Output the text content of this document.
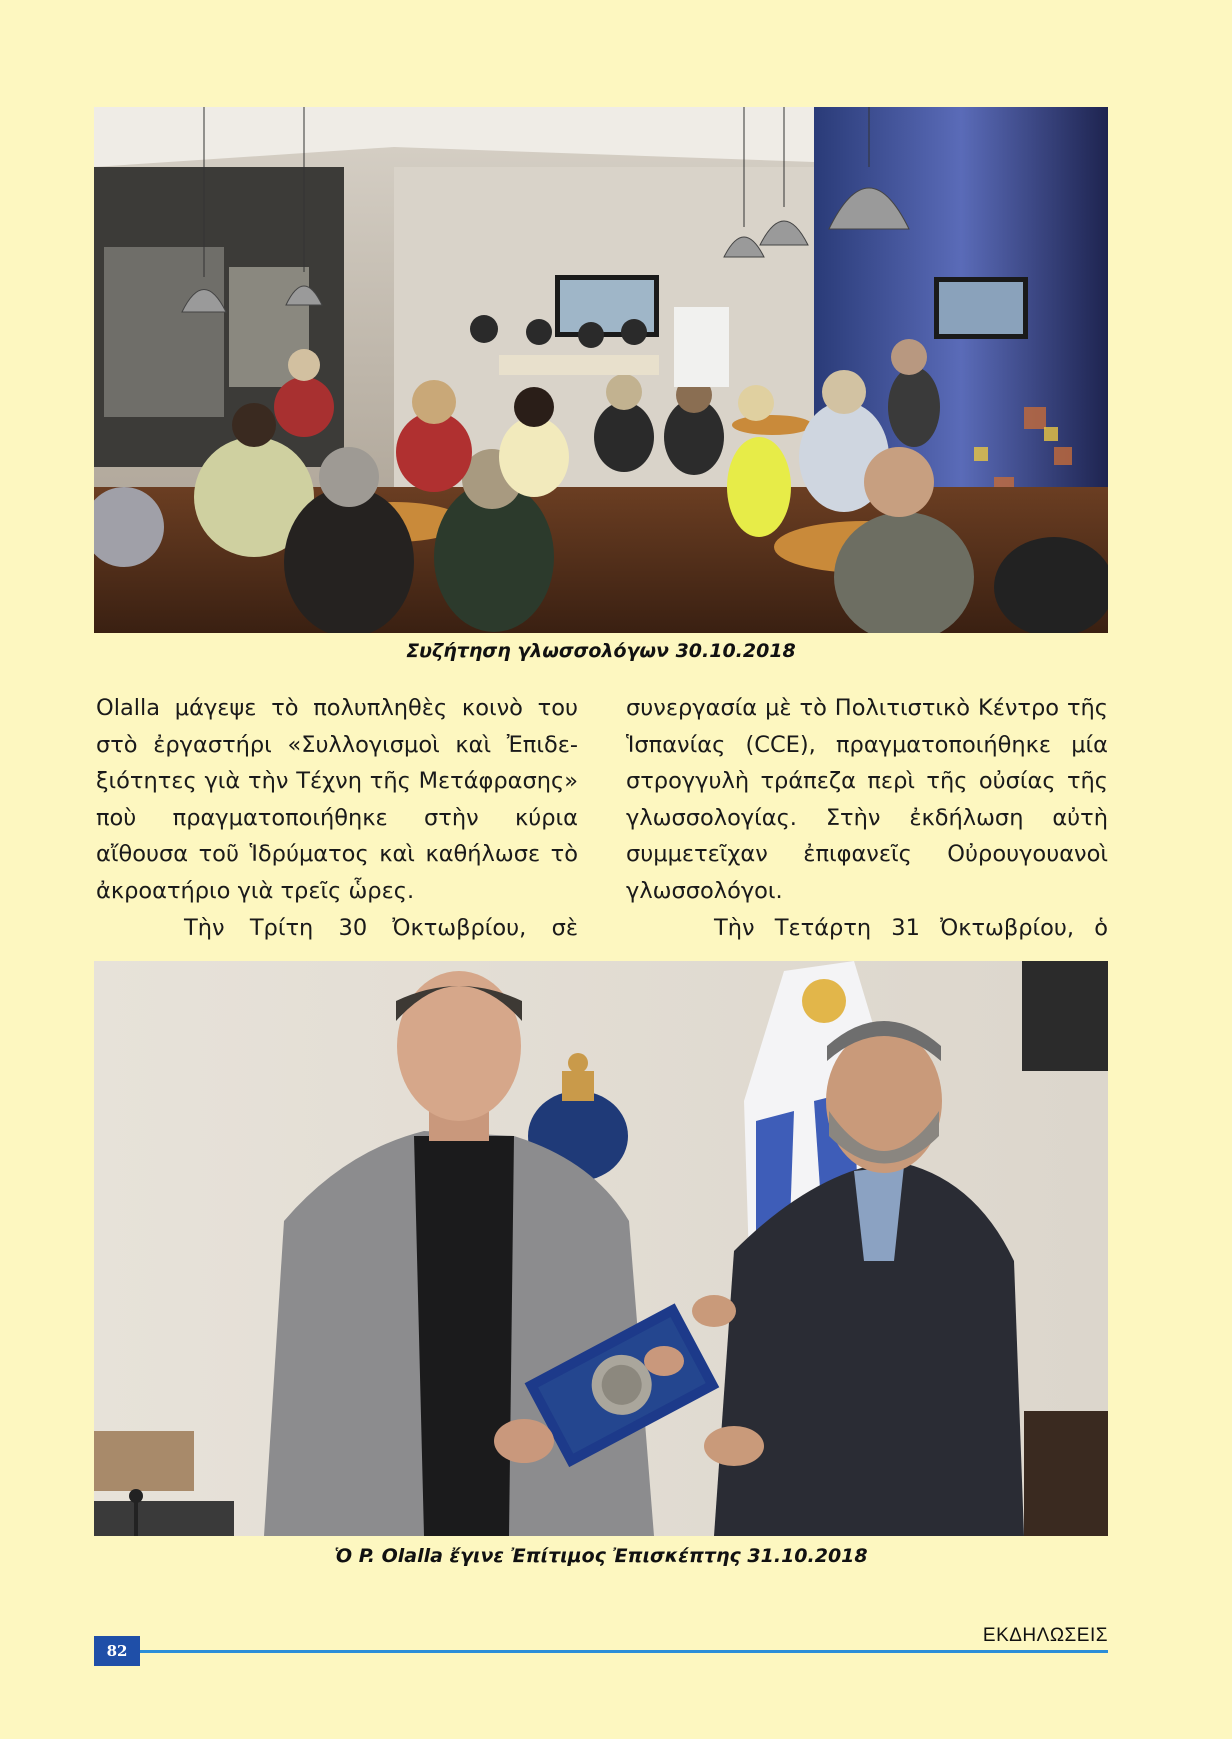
Συζήτηση γλωσσολόγων 30.10.2018
Olalla μάγεψε τὸ πολυπληθὲς κοινὸ του
στὸ ἐργαστήρι «Συλλογισμοὶ καὶ Ἐπιδε-
ξιότητες γιὰ τὴν Τέχνη τῆς Μετάφρασης»
ποὺ πραγματοποιήθηκε στὴν κύρια
αἴθουσα τοῦ Ἱδρύματος καὶ καθήλωσε τὸ
ἀκροατήριο γιὰ τρεῖς ὧρες.
Τὴν Τρίτη 30 Ὀκτωβρίου, σὲ
συνεργασία μὲ τὸ Πολιτιστικὸ Κέντρο τῆς
Ἱσπανίας (CCE), πραγματοποιήθηκε μία
στρογγυλὴ τράπεζα περὶ τῆς οὐσίας τῆς
γλωσσολογίας. Στὴν ἐκδήλωση αὐτὴ
συμμετεῖχαν ἐπιφανεῖς Οὐρουγουανοὶ
γλωσσολόγοι.
Τὴν Τετάρτη 31 Ὀκτωβρίου, ὁ
Ὁ P. Olalla ἔγινε Ἐπίτιμος Ἐπισκέπτης 31.10.2018
82
ΕΚΔΗΛΩΣΕΙΣ
